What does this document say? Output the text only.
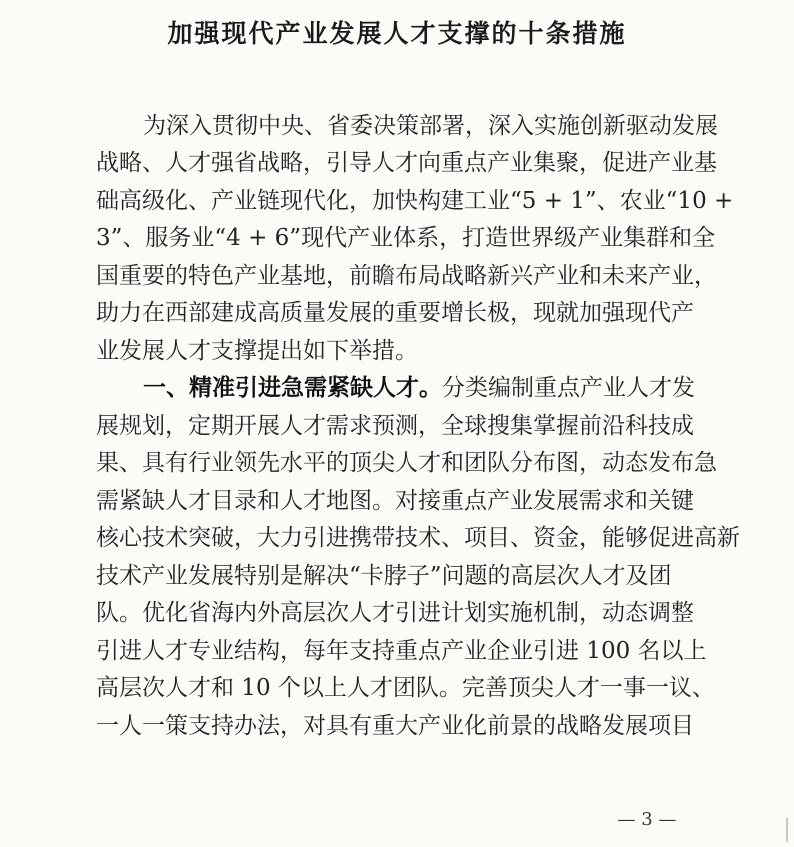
加强现代产业发展人才支撑的十条措施
为深入贯彻中央、省委决策部署，深入实施创新驱动发展
战略、人才强省战略，引导人才向重点产业集聚，促进产业基
础高级化、产业链现代化，加快构建工业“5 + 1”、农业“10 +
3”、服务业“4 + 6”现代产业体系，打造世界级产业集群和全
国重要的特色产业基地，前瞻布局战略新兴产业和未来产业，
助力在西部建成高质量发展的重要增长极，现就加强现代产
业发展人才支撑提出如下举措。
一、精准引进急需紧缺人才。分类编制重点产业人才发
展规划，定期开展人才需求预测，全球搜集掌握前沿科技成
果、具有行业领先水平的顶尖人才和团队分布图，动态发布急
需紧缺人才目录和人才地图。对接重点产业发展需求和关键
核心技术突破，大力引进携带技术、项目、资金，能够促进高新
技术产业发展特别是解决“卡脖子”问题的高层次人才及团
队。优化省海内外高层次人才引进计划实施机制，动态调整
引进人才专业结构，每年支持重点产业企业引进 100 名以上
高层次人才和 10 个以上人才团队。完善顶尖人才一事一议、
一人一策支持办法，对具有重大产业化前景的战略发展项目
— 3 —
